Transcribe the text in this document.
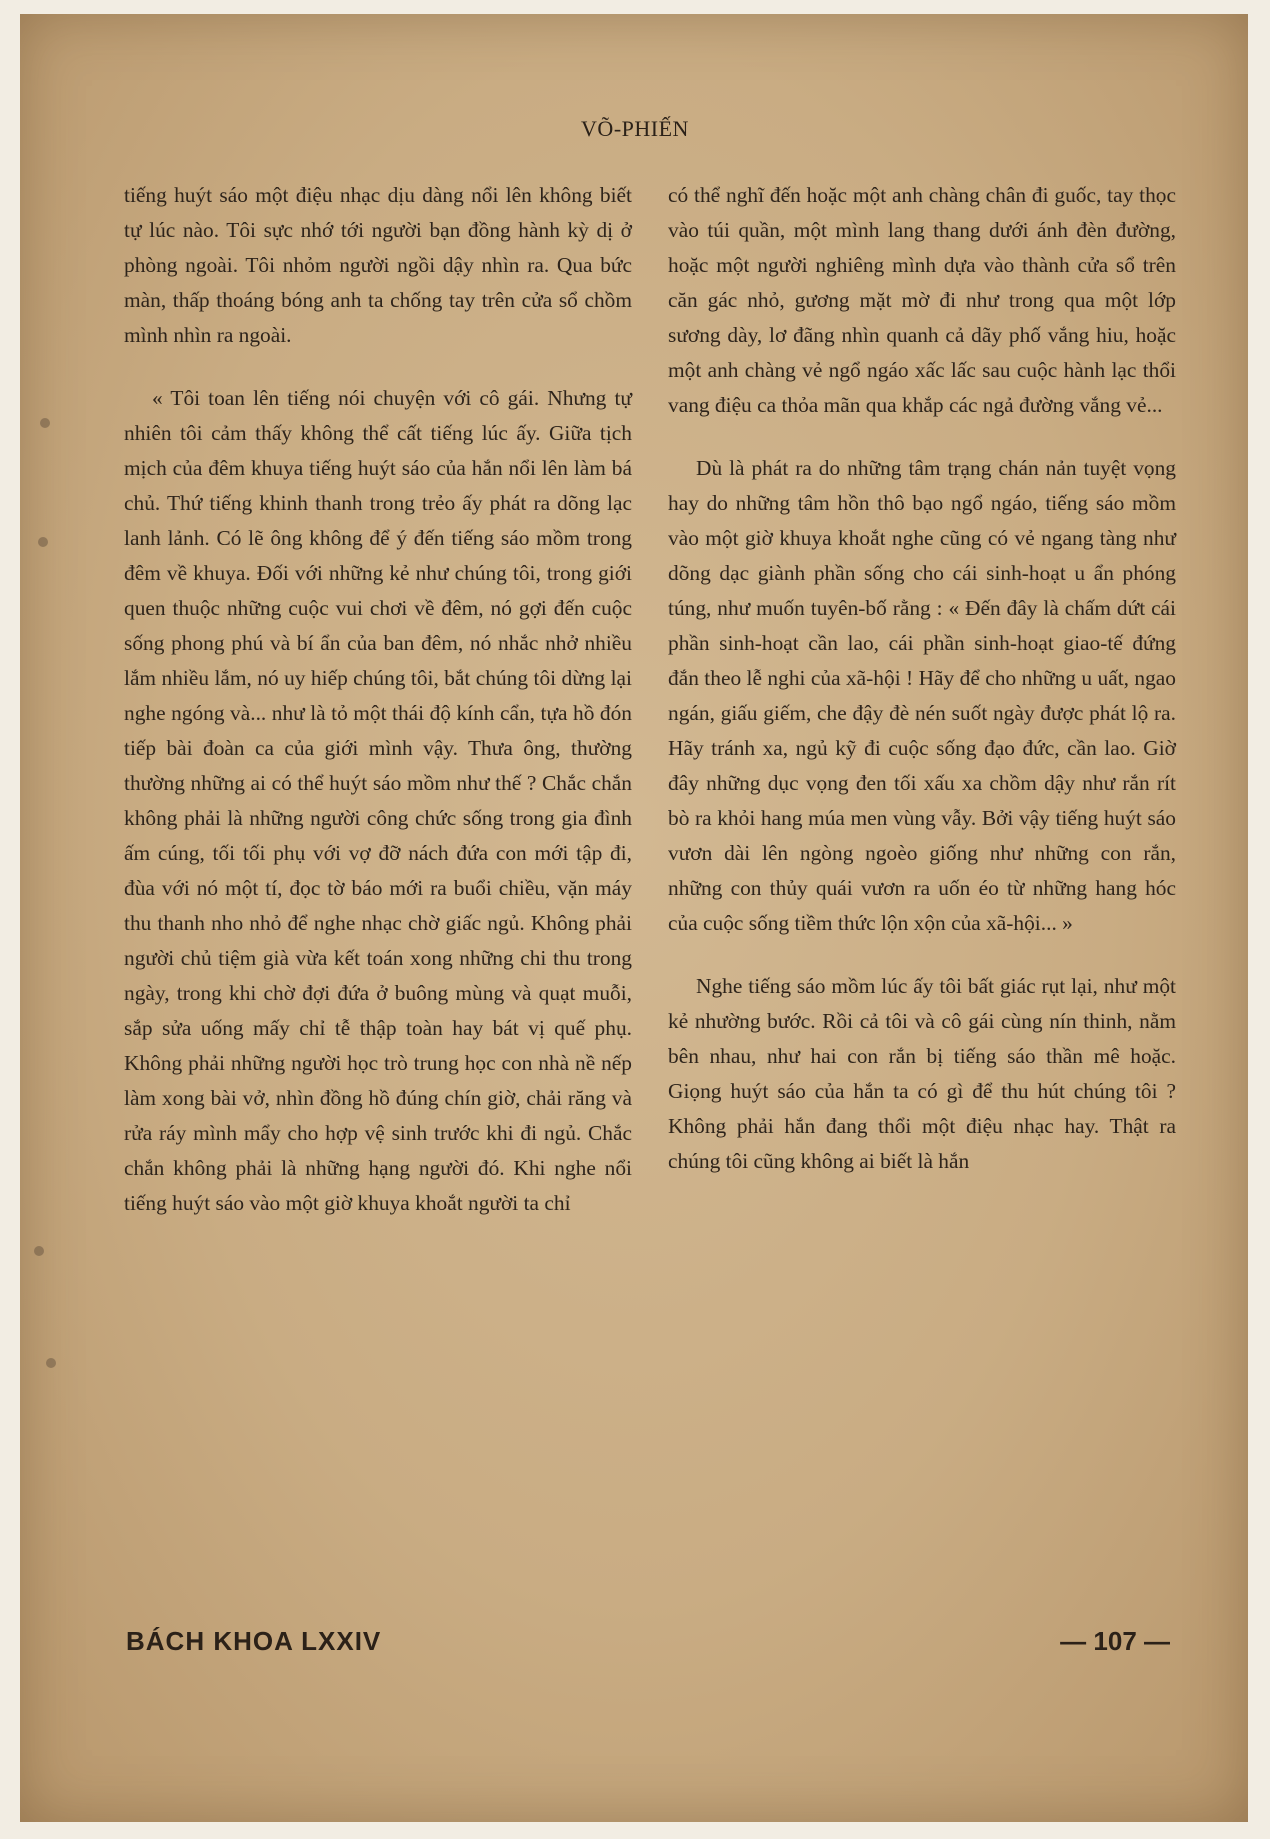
VÕ-PHIẾN

tiếng huýt sáo một điệu nhạc dịu dàng nổi lên không biết tự lúc nào. Tôi sực nhớ tới người bạn đồng hành kỳ dị ở phòng ngoài. Tôi nhỏm người ngồi dậy nhìn ra. Qua bức màn, thấp thoáng bóng anh ta chống tay trên cửa sổ chồm mình nhìn ra ngoài.

« Tôi toan lên tiếng nói chuyện với cô gái. Nhưng tự nhiên tôi cảm thấy không thể cất tiếng lúc ấy. Giữa tịch mịch của đêm khuya tiếng huýt sáo của hắn nổi lên làm bá chủ. Thứ tiếng khinh thanh trong trẻo ấy phát ra dõng lạc lanh lảnh. Có lẽ ông không để ý đến tiếng sáo mồm trong đêm về khuya. Đối với những kẻ như chúng tôi, trong giới quen thuộc những cuộc vui chơi về đêm, nó gợi đến cuộc sống phong phú và bí ẩn của ban đêm, nó nhắc nhở nhiều lắm nhiều lắm, nó uy hiếp chúng tôi, bắt chúng tôi dừng lại nghe ngóng và... như là tỏ một thái độ kính cẩn, tựa hồ đón tiếp bài đoàn ca của giới mình vậy. Thưa ông, thường thường những ai có thể huýt sáo mồm như thế ? Chắc chắn không phải là những người công chức sống trong gia đình ấm cúng, tối tối phụ với vợ đỡ nách đứa con mới tập đi, đùa với nó một tí, đọc tờ báo mới ra buổi chiều, vặn máy thu thanh nho nhỏ để nghe nhạc chờ giấc ngủ. Không phải người chủ tiệm già vừa kết toán xong những chi thu trong ngày, trong khi chờ đợi đứa ở buông mùng và quạt muỗi, sắp sửa uống mấy chỉ tễ thập toàn hay bát vị quế phụ. Không phải những người học trò trung học con nhà nề nếp làm xong bài vở, nhìn đồng hồ đúng chín giờ, chải răng và rửa ráy mình mẩy cho hợp vệ sinh trước khi đi ngủ. Chắc chắn không phải là những hạng người đó. Khi nghe nổi tiếng huýt sáo vào một giờ khuya khoắt người ta chỉ

có thể nghĩ đến hoặc một anh chàng chân đi guốc, tay thọc vào túi quần, một mình lang thang dưới ánh đèn đường, hoặc một người nghiêng mình dựa vào thành cửa sổ trên căn gác nhỏ, gương mặt mờ đi như trong qua một lớp sương dày, lơ đãng nhìn quanh cả dãy phố vắng hiu, hoặc một anh chàng vẻ ngổ ngáo xấc lấc sau cuộc hành lạc thổi vang điệu ca thỏa mãn qua khắp các ngả đường vắng vẻ...

Dù là phát ra do những tâm trạng chán nản tuyệt vọng hay do những tâm hồn thô bạo ngổ ngáo, tiếng sáo mồm vào một giờ khuya khoắt nghe cũng có vẻ ngang tàng như dõng dạc giành phần sống cho cái sinh-hoạt u ẩn phóng túng, như muốn tuyên-bố rằng : « Đến đây là chấm dứt cái phần sinh-hoạt cần lao, cái phần sinh-hoạt giao-tế đứng đắn theo lễ nghi của xã-hội ! Hãy để cho những u uất, ngao ngán, giấu giếm, che đậy đè nén suốt ngày được phát lộ ra. Hãy tránh xa, ngủ kỹ đi cuộc sống đạo đức, cần lao. Giờ đây những dục vọng đen tối xấu xa chồm dậy như rắn rít bò ra khỏi hang múa men vùng vẫy. Bởi vậy tiếng huýt sáo vươn dài lên ngòng ngoèo giống như những con rắn, những con thủy quái vươn ra uốn éo từ những hang hóc của cuộc sống tiềm thức lộn xộn của xã-hội... »

Nghe tiếng sáo mồm lúc ấy tôi bất giác rụt lại, như một kẻ nhường bước. Rồi cả tôi và cô gái cùng nín thinh, nằm bên nhau, như hai con rắn bị tiếng sáo thần mê hoặc. Giọng huýt sáo của hắn ta có gì để thu hút chúng tôi ? Không phải hắn đang thổi một điệu nhạc hay. Thật ra chúng tôi cũng không ai biết là hắn

BÁCH KHOA LXXIV	— 107 —
